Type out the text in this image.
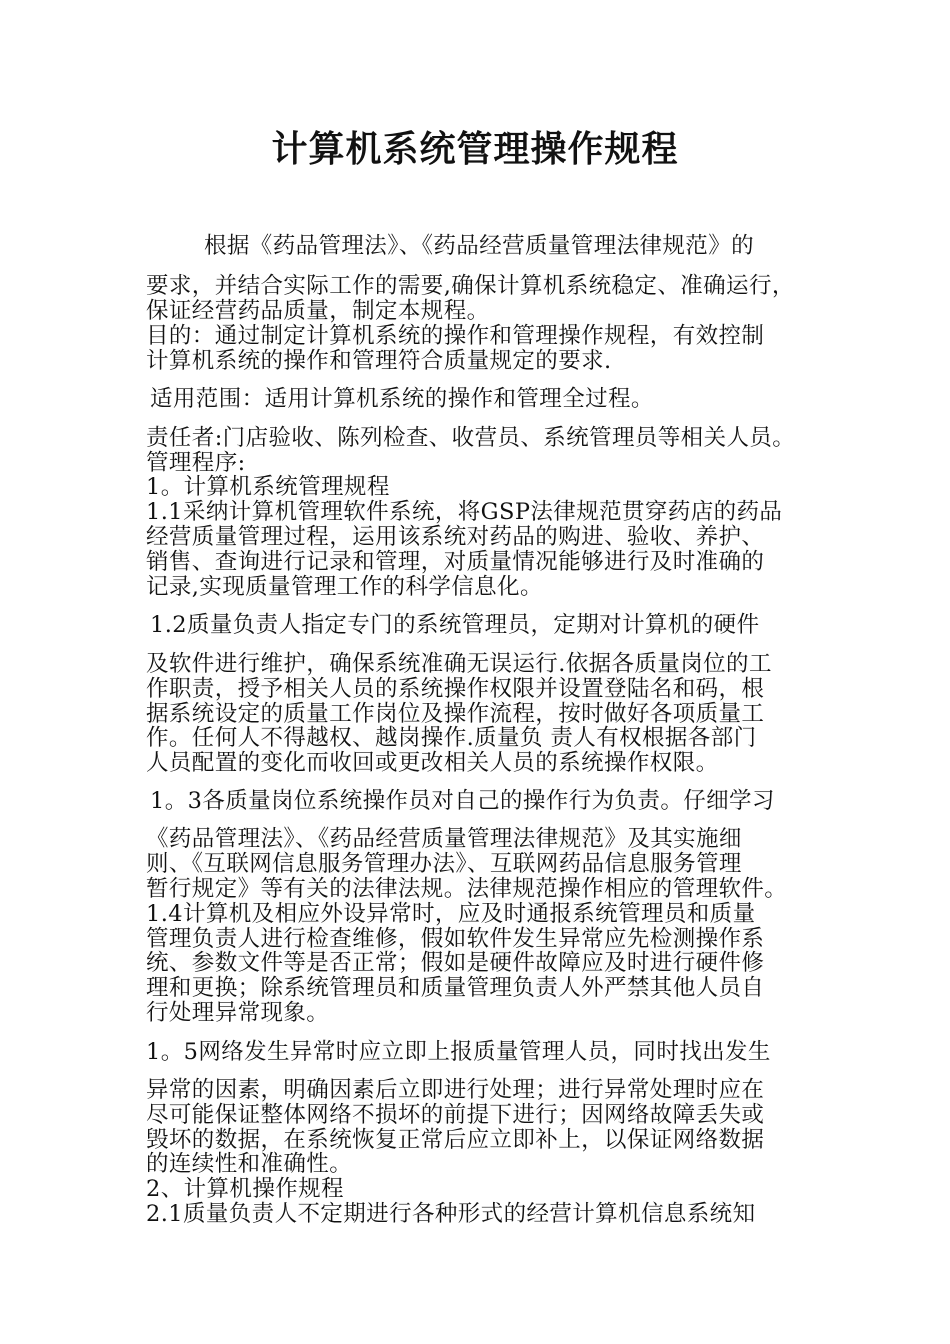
计算机系统管理操作规程
根据《药品管理法》、《药品经营质量管理法律规范》的
要求，并结合实际工作的需要,确保计算机系统稳定、准确运行，
保证经营药品质量，制定本规程。
目的：通过制定计算机系统的操作和管理操作规程，有效控制
计算机系统的操作和管理符合质量规定的要求.
适用范围：适用计算机系统的操作和管理全过程。
责任者:门店验收、陈列检查、收营员、系统管理员等相关人员。
管理程序:
1。计算机系统管理规程
1.1采纳计算机管理软件系统，将GSP法律规范贯穿药店的药品
经营质量管理过程，运用该系统对药品的购进、验收、养护、
销售、查询进行记录和管理，对质量情况能够进行及时准确的
记录,实现质量管理工作的科学信息化。
1.2质量负责人指定专门的系统管理员，定期对计算机的硬件
及软件进行维护，确保系统准确无误运行.依据各质量岗位的工
作职责，授予相关人员的系统操作权限并设置登陆名和码，根
据系统设定的质量工作岗位及操作流程，按时做好各项质量工
作。任何人不得越权、越岗操作.质量负 责人有权根据各部门
人员配置的变化而收回或更改相关人员的系统操作权限。
1。3各质量岗位系统操作员对自己的操作行为负责。仔细学习
《药品管理法》、《药品经营质量管理法律规范》及其实施细
则、《互联网信息服务管理办法》、互联网药品信息服务管理
暂行规定》等有关的法律法规。法律规范操作相应的管理软件。
1.4计算机及相应外设异常时，应及时通报系统管理员和质量
管理负责人进行检查维修，假如软件发生异常应先检测操作系
统、参数文件等是否正常；假如是硬件故障应及时进行硬件修
理和更换；除系统管理员和质量管理负责人外严禁其他人员自
行处理异常现象。
1。5网络发生异常时应立即上报质量管理人员，同时找出发生
异常的因素，明确因素后立即进行处理；进行异常处理时应在
尽可能保证整体网络不损坏的前提下进行；因网络故障丢失或
毁坏的数据，在系统恢复正常后应立即补上，以保证网络数据
的连续性和准确性。
2、计算机操作规程
2.1质量负责人不定期进行各种形式的经营计算机信息系统知
